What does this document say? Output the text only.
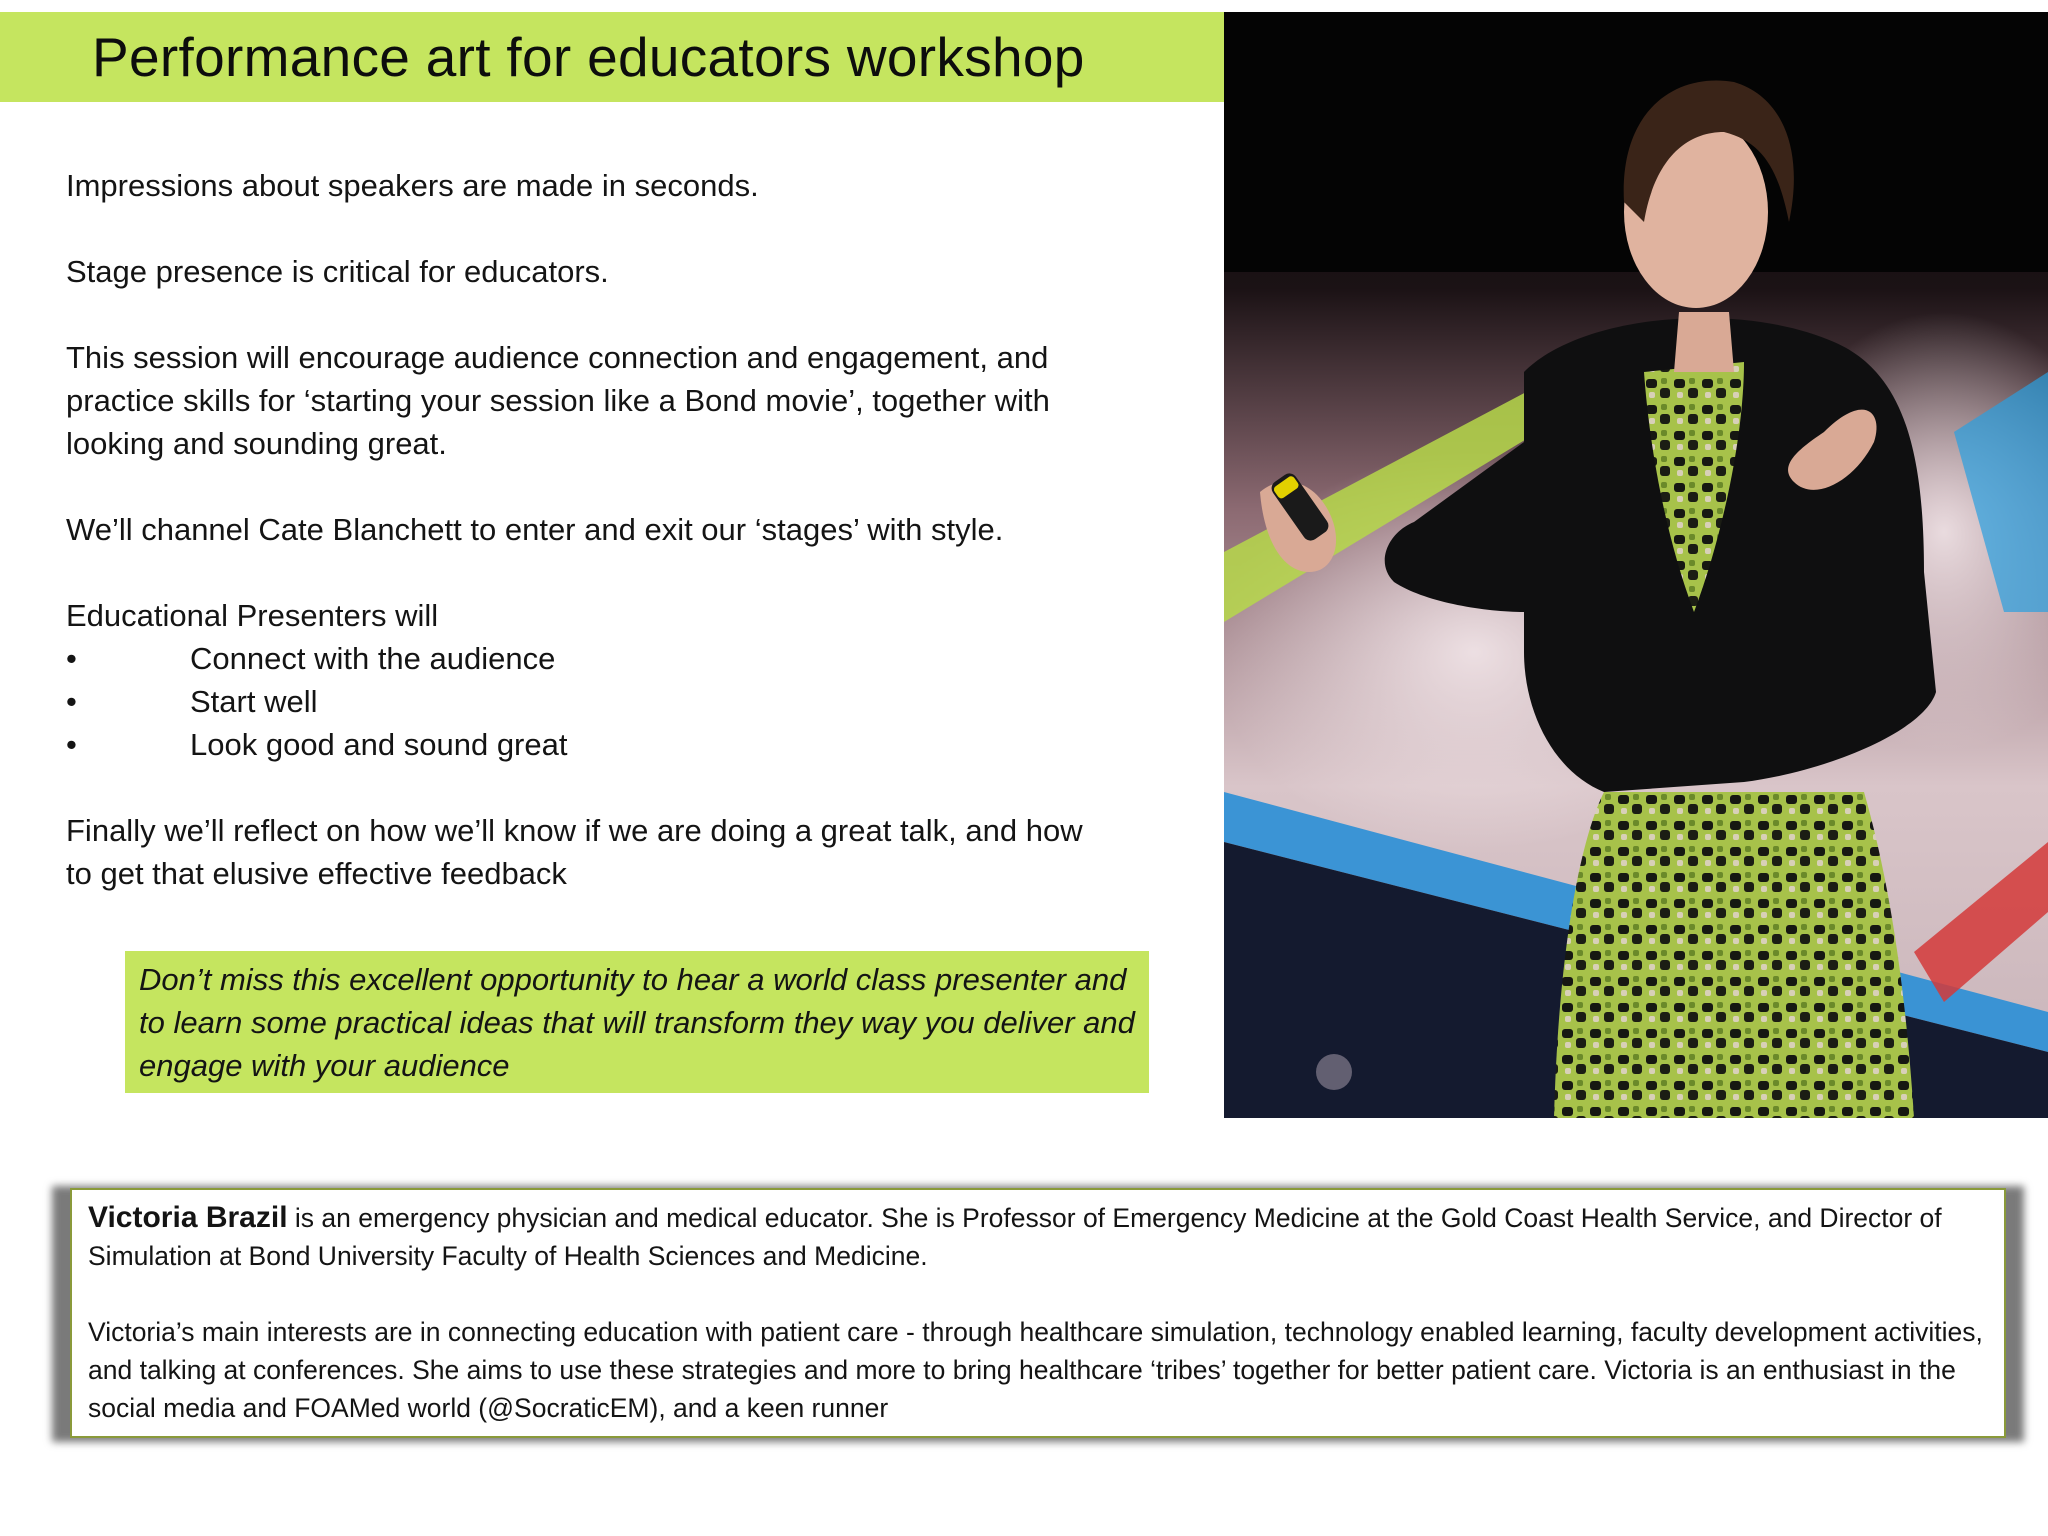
Performance art for educators workshop

Impressions about speakers are made in seconds.

Stage presence is critical for educators.

This session will encourage audience connection and engagement, and practice skills for ‘starting your session like a Bond movie’, together with looking and sounding great.

We’ll channel Cate Blanchett to enter and exit our ‘stages’ with style.

Educational Presenters will

•	Connect with the audience
•	Start well
•	Look good and sound great

Finally we’ll reflect on how we’ll know if we are doing a great talk, and how to get that elusive effective feedback

Don’t miss this excellent opportunity to hear a world class presenter and to learn some practical ideas that will transform they way you deliver and engage with your audience

Victoria Brazil is an emergency physician and medical educator. She is Professor of Emergency Medicine at the Gold Coast Health Service, and Director of Simulation at Bond University Faculty of Health Sciences and Medicine.

Victoria’s main interests are in connecting education with patient care - through healthcare simulation, technology enabled learning, faculty development activities, and talking at conferences. She aims to use these strategies and more to bring healthcare ‘tribes’ together for better patient care. Victoria is an enthusiast in the social media and FOAMed world (@SocraticEM), and a keen runner
